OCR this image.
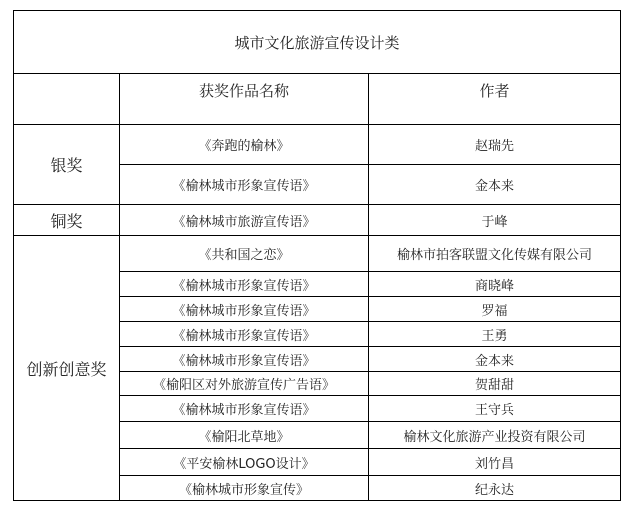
城市文化旅游宣传设计类		
	获奖作品名称	作者
银奖	《奔跑的榆林》	赵瑞先
	《榆林城市形象宣传语》	金本来
铜奖	《榆林城市旅游宣传语》	于峰
创新创意奖	《共和国之恋》	榆林市拍客联盟文化传媒有限公司
	《榆林城市形象宣传语》	商晓峰
	《榆林城市形象宣传语》	罗福
	《榆林城市形象宣传语》	王勇
	《榆林城市形象宣传语》	金本来
	《榆阳区对外旅游宣传广告语》	贺甜甜
	《榆林城市形象宣传语》	王守兵
	《榆阳北草地》	榆林文化旅游产业投资有限公司
	《平安榆林LOGO设计》	刘竹昌
	《榆林城市形象宣传》	纪永达
